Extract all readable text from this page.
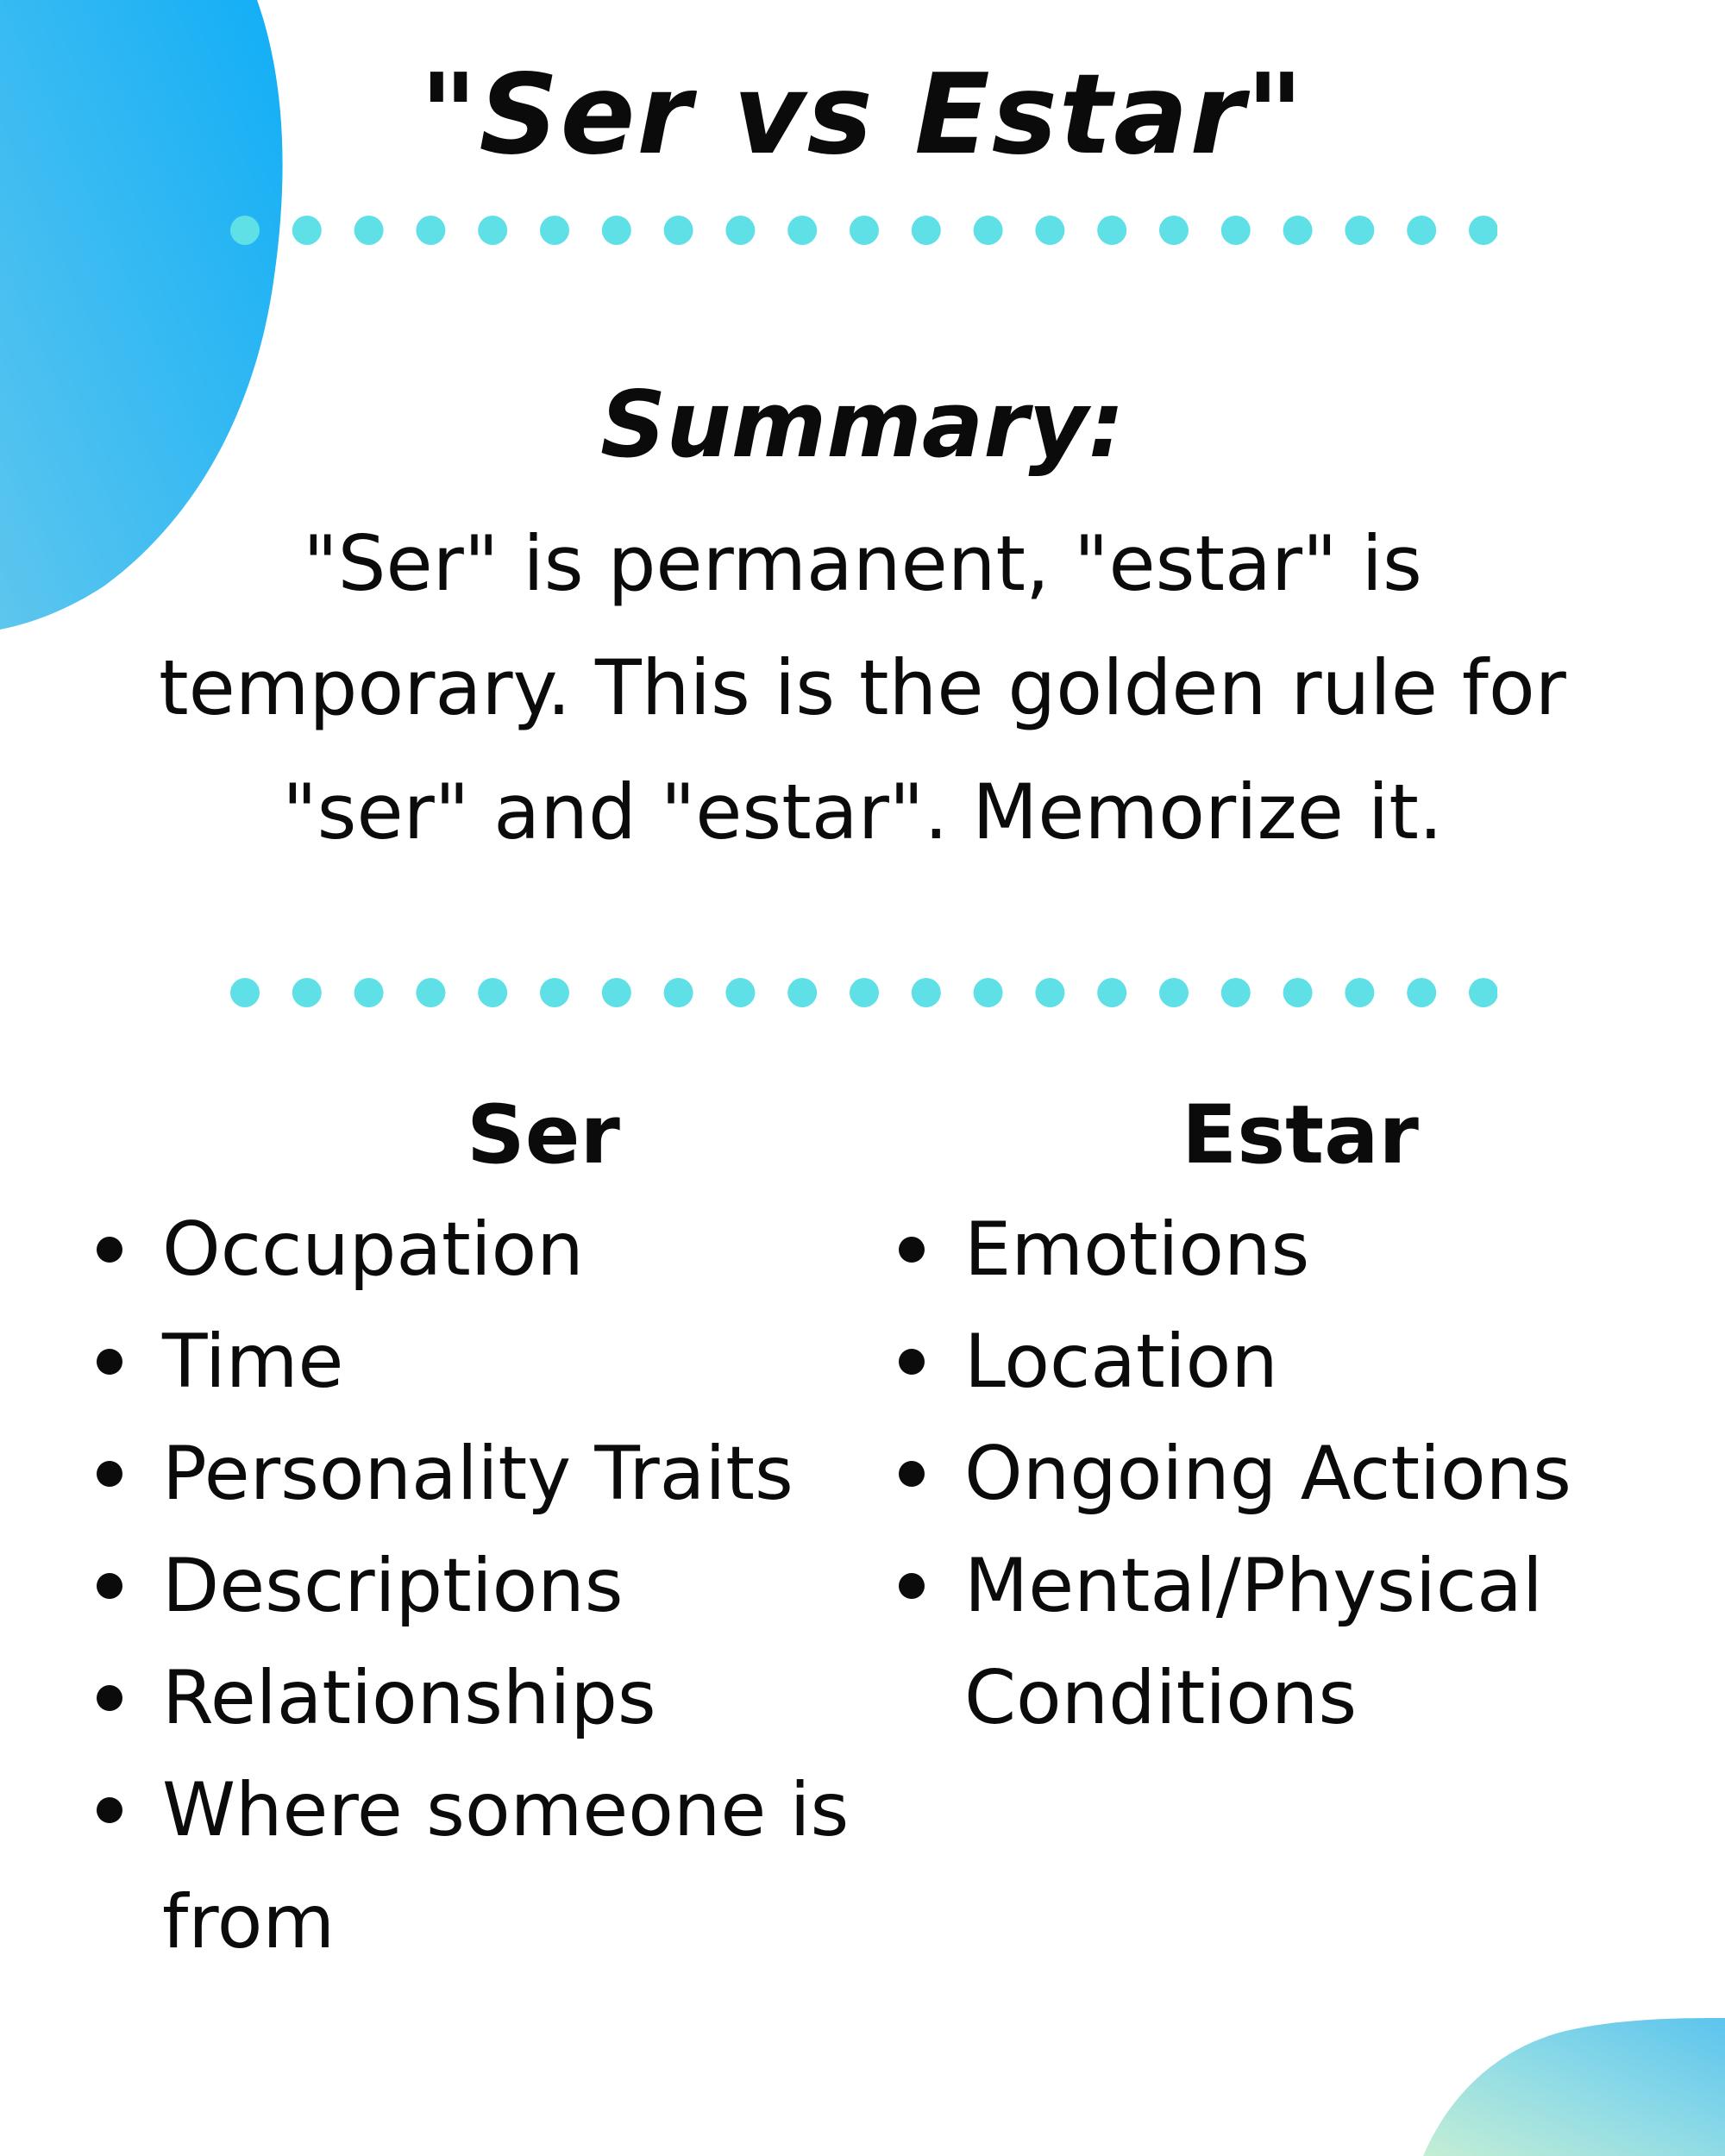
"Ser vs Estar"
Summary:

"Ser" is permanent, "estar" is temporary. This is the golden rule for "ser" and "estar". Memorize it.

Ser
Occupation
Time
Personality Traits
Descriptions
Relationships
Where someone is from
Estar
Emotions
Location
Ongoing Actions
Mental/Physical Conditions
